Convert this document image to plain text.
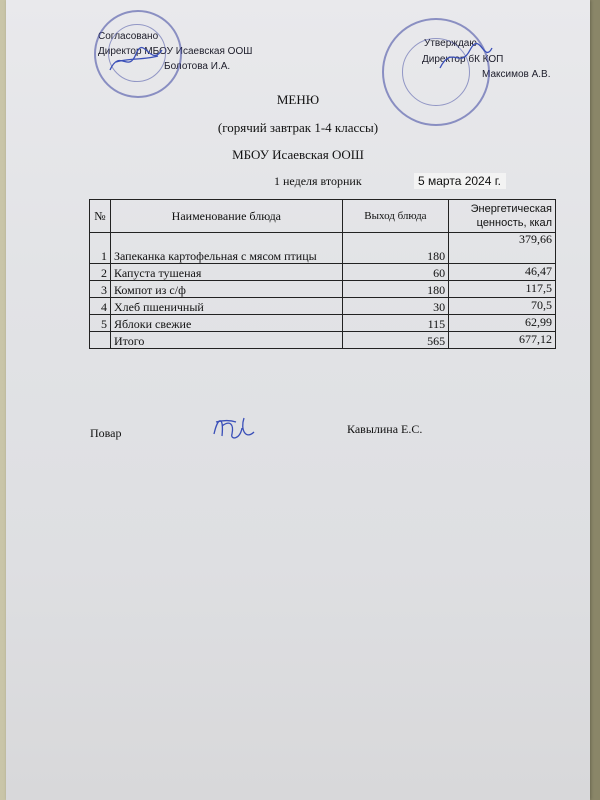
Согласовано
Директор МБОУ Исаевская ООШ
Болотова И.А.
Утверждаю
Директор бК КОП
Максимов А.В.
МЕНЮ
(горячий завтрак 1-4 классы)
МБОУ Исаевская ООШ
1 неделя вторник	5 марта 2024 г.
№	Наименование блюда	Выход блюда	Энергетическая ценность, ккал
1	Запеканка картофельная с мясом птицы	180	379,66
2	Капуста тушеная	60	46,47
3	Компот из с/ф	180	117,5
4	Хлеб пшеничный	30	70,5
5	Яблоки свежие	115	62,99
	Итого	565	677,12
Повар	Кавылина Е.С.
